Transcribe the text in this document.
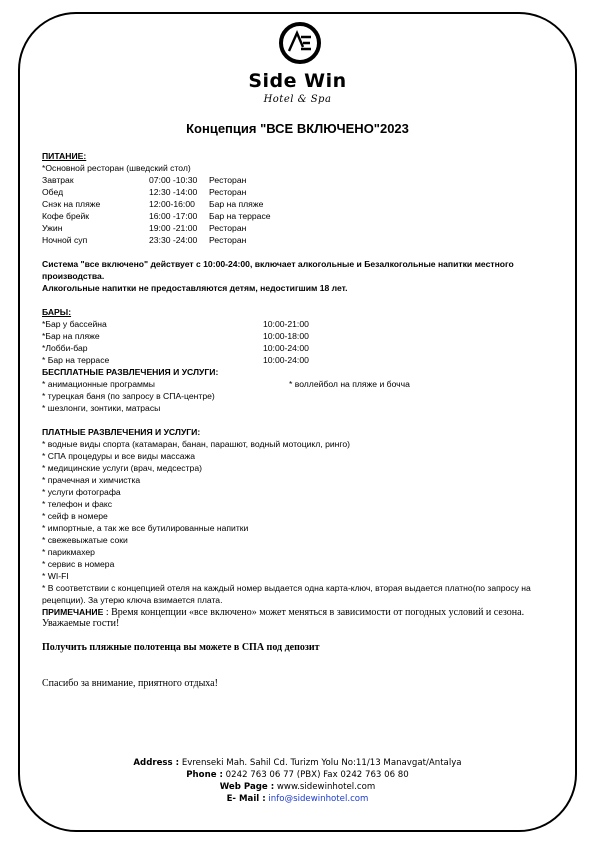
Side Win
Hotel & Spa
Концепция "ВСЕ ВКЛЮЧЕНО"2023

ПИТАНИЕ:

*Основной ресторан (шведский стол)
Завтрак	07:00 -10:30	Ресторан
Обед	12:30 -14:00	Ресторан
Снэк на пляже	12:00-16:00	Бар на пляже
Кофе брейк	16:00 -17:00	Бар на террасе
Ужин	19:00 -21:00	Ресторан
Ночной суп	23:30 -24:00	Ресторан
Система "все включено" действует с 10:00-24:00, включает алкогольные и Безалкогольные напитки местного
производства.
Алкогольные напитки не предоставляются детям, недостигшим 18 лет.

БАРЫ:

*Бар у бассейна	10:00-21:00
*Бар на пляже	10:00-18:00
*Лобби-бар	10:00-24:00
* Бар на террасе	10:00-24:00

БЕСПЛАТНЫЕ РАЗВЛЕЧЕНИЯ И УСЛУГИ:

* анимационные программы	* воллейбол на пляже и бочча
* турецкая баня (по запросу в СПА-центре)
* шезлонги, зонтики, матрасы

ПЛАТНЫЕ РАЗВЛЕЧЕНИЯ И УСЛУГИ:

* водные виды спорта (катамаран, банан, парашют, водный мотоцикл, ринго)
* СПА процедуры и все виды массажа
* медицинские услуги (врач, медсестра)
* прачечная и химчистка
* услуги фотографа
* телефон и факс
* сейф в номере
* импортные, а так же все бутилированные напитки
* свежевыжатые соки
* парикмахер
* сервис в номера
* WI-FI
* В соответствии с концепцией отеля на каждый номер выдается одна карта-ключ, вторая выдается платно(по запросу на
рецепции). За утерю ключа взимается плата.
ПРИМЕЧАНИЕ : Время концепции «все включено» может меняться в зависимости от погодных условий и сезона.
Уважаемые гости!
Получить пляжные полотенца вы можете в СПА под депозит
Спасибо за внимание, приятного отдыха!
Address : Evrenseki Mah. Sahil Cd. Turizm Yolu No:11/13 Manavgat/Antalya
Phone : 0242 763 06 77 (PBX) Fax 0242 763 06 80
Web Page : www.sidewinhotel.com
E- Mail : info@sidewinhotel.com
